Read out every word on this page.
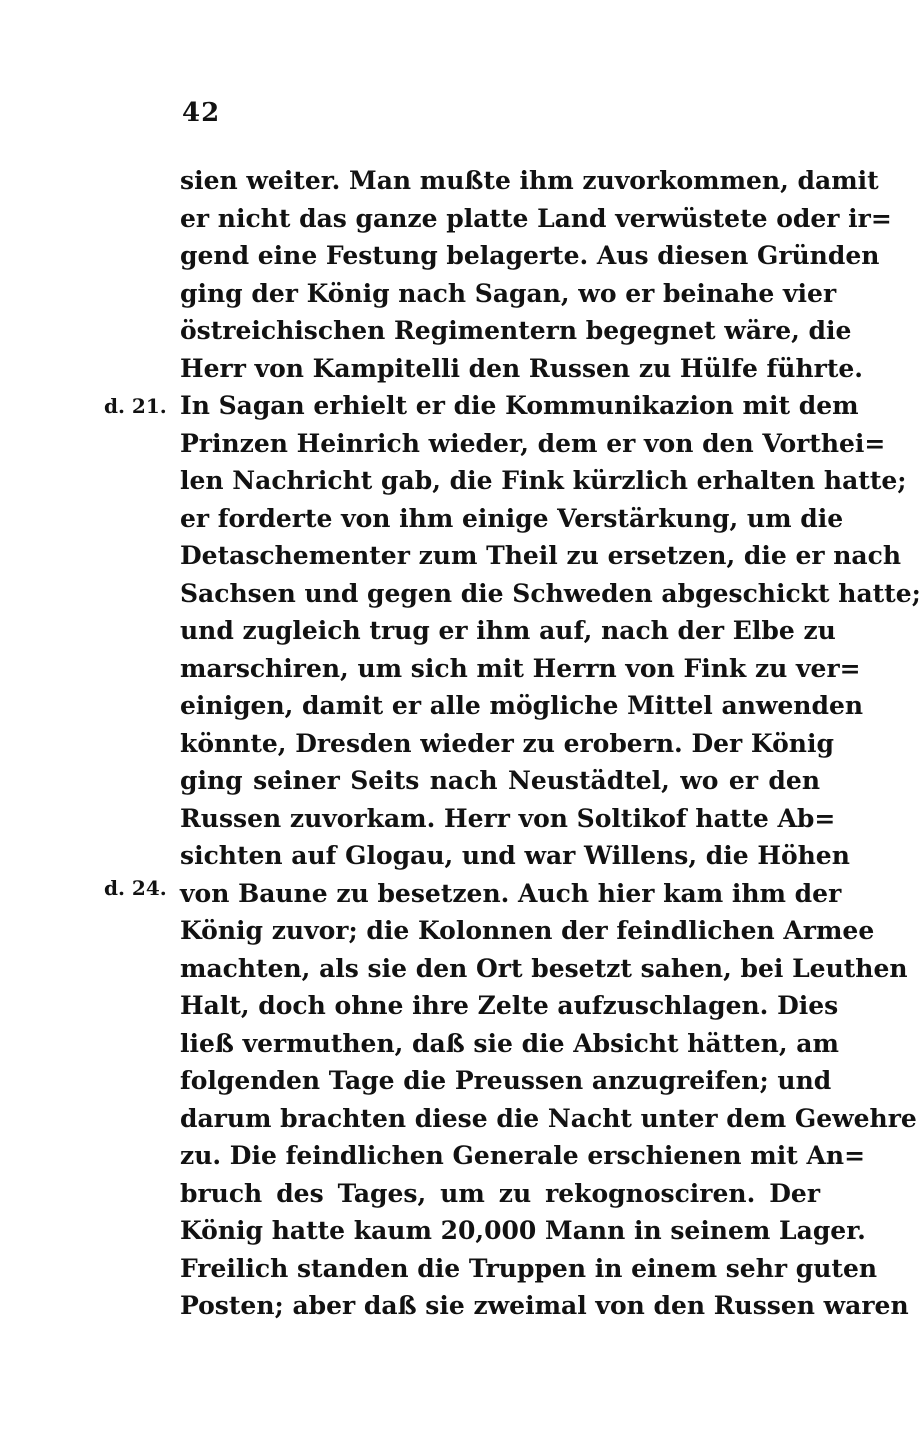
42
d. 21.
d. 24.
sien weiter. Man mußte ihm zuvorkommen, damit
er nicht das ganze platte Land verwüstete oder ir=
gend eine Festung belagerte. Aus diesen Gründen
ging der König nach Sagan, wo er beinahe vier
östreichischen Regimentern begegnet wäre, die
Herr von Kampitelli den Russen zu Hülfe führte.
In Sagan erhielt er die Kommunikazion mit dem
Prinzen Heinrich wieder, dem er von den Vorthei=
len Nachricht gab, die Fink kürzlich erhalten hatte;
er forderte von ihm einige Verstärkung, um die
Detaschementer zum Theil zu ersetzen, die er nach
Sachsen und gegen die Schweden abgeschickt hatte;
und zugleich trug er ihm auf, nach der Elbe zu
marschiren, um sich mit Herrn von Fink zu ver=
einigen, damit er alle mögliche Mittel anwenden
könnte, Dresden wieder zu erobern. Der König
ging seiner Seits nach Neustädtel, wo er den
Russen zuvorkam. Herr von Soltikof hatte Ab=
sichten auf Glogau, und war Willens, die Höhen
von Baune zu besetzen. Auch hier kam ihm der
König zuvor; die Kolonnen der feindlichen Armee
machten, als sie den Ort besetzt sahen, bei Leuthen
Halt, doch ohne ihre Zelte aufzuschlagen. Dies
ließ vermuthen, daß sie die Absicht hätten, am
folgenden Tage die Preussen anzugreifen; und
darum brachten diese die Nacht unter dem Gewehre
zu. Die feindlichen Generale erschienen mit An=
bruch des Tages, um zu rekognosciren. Der
König hatte kaum 20,000 Mann in seinem Lager.
Freilich standen die Truppen in einem sehr guten
Posten; aber daß sie zweimal von den Russen waren
